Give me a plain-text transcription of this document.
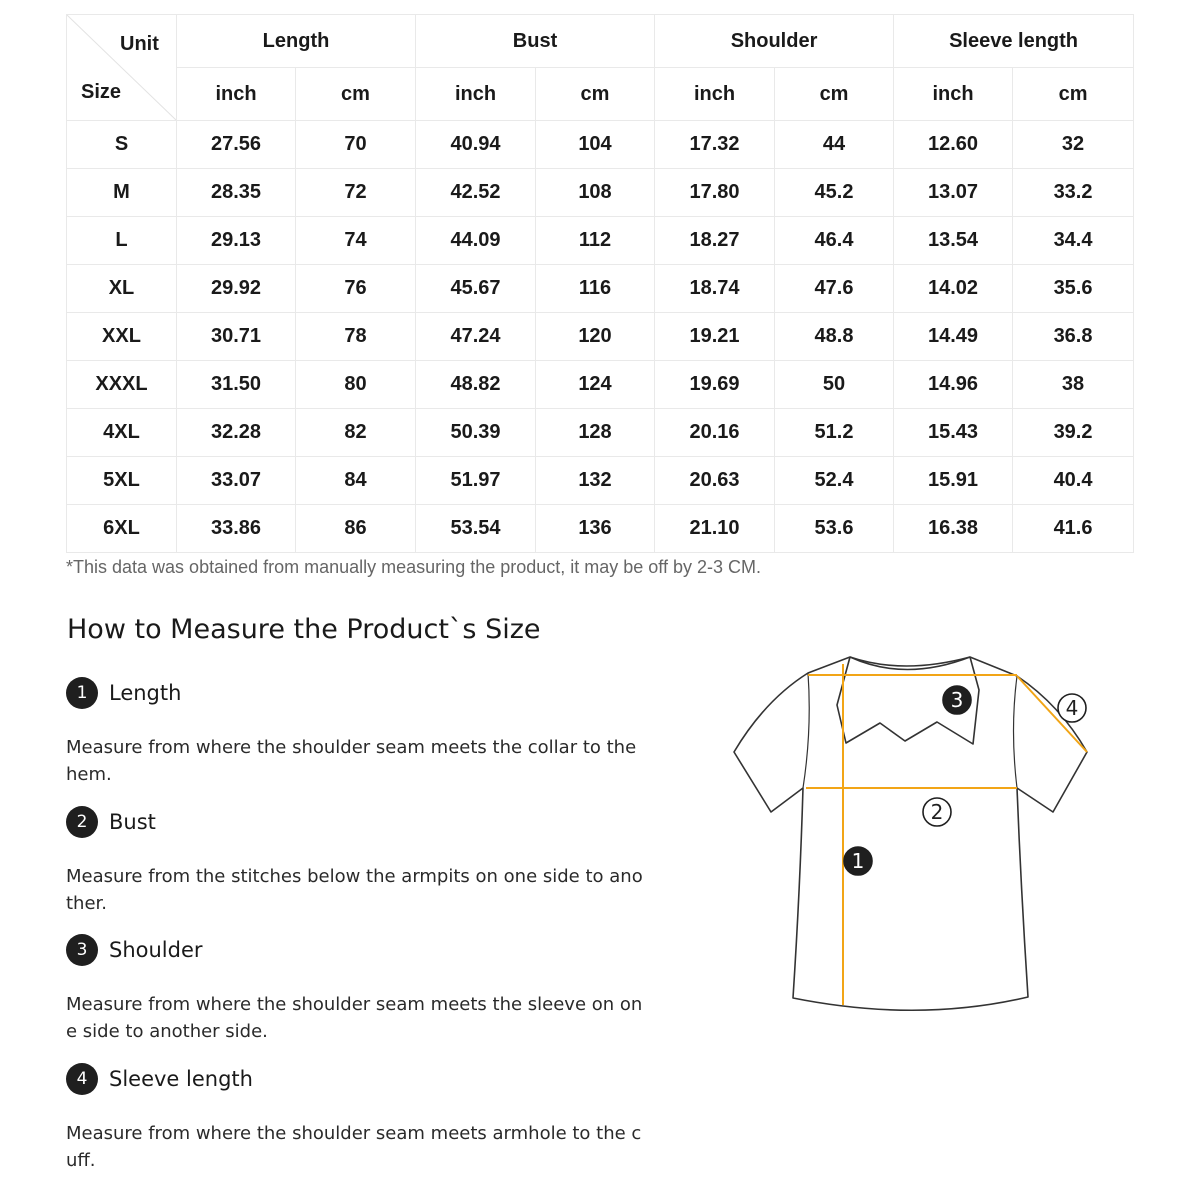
Unit
Size	Length		Bust		Shoulder		Sleeve length	
	inch	cm	inch	cm	inch	cm	inch	cm
S	27.56	70	40.94	104	17.32	44	12.60	32
M	28.35	72	42.52	108	17.80	45.2	13.07	33.2
L	29.13	74	44.09	112	18.27	46.4	13.54	34.4
XL	29.92	76	45.67	116	18.74	47.6	14.02	35.6
XXL	30.71	78	47.24	120	19.21	48.8	14.49	36.8
XXXL	31.50	80	48.82	124	19.69	50	14.96	38
4XL	32.28	82	50.39	128	20.16	51.2	15.43	39.2
5XL	33.07	84	51.97	132	20.63	52.4	15.91	40.4
6XL	33.86	86	53.54	136	21.10	53.6	16.38	41.6
*This data was obtained from manually measuring the product, it may be off by 2-3 CM.
How to Measure the Product`s Size
1	Length
Measure from where the shoulder seam meets the collar to the hem.
2	Bust
Measure from the stitches below the armpits on one side to another.
3	Shoulder
Measure from where the shoulder seam meets the sleeve on one side to another side.
4	Sleeve length
Measure from where the shoulder seam meets armhole to the cuff.
1
2
3	4
